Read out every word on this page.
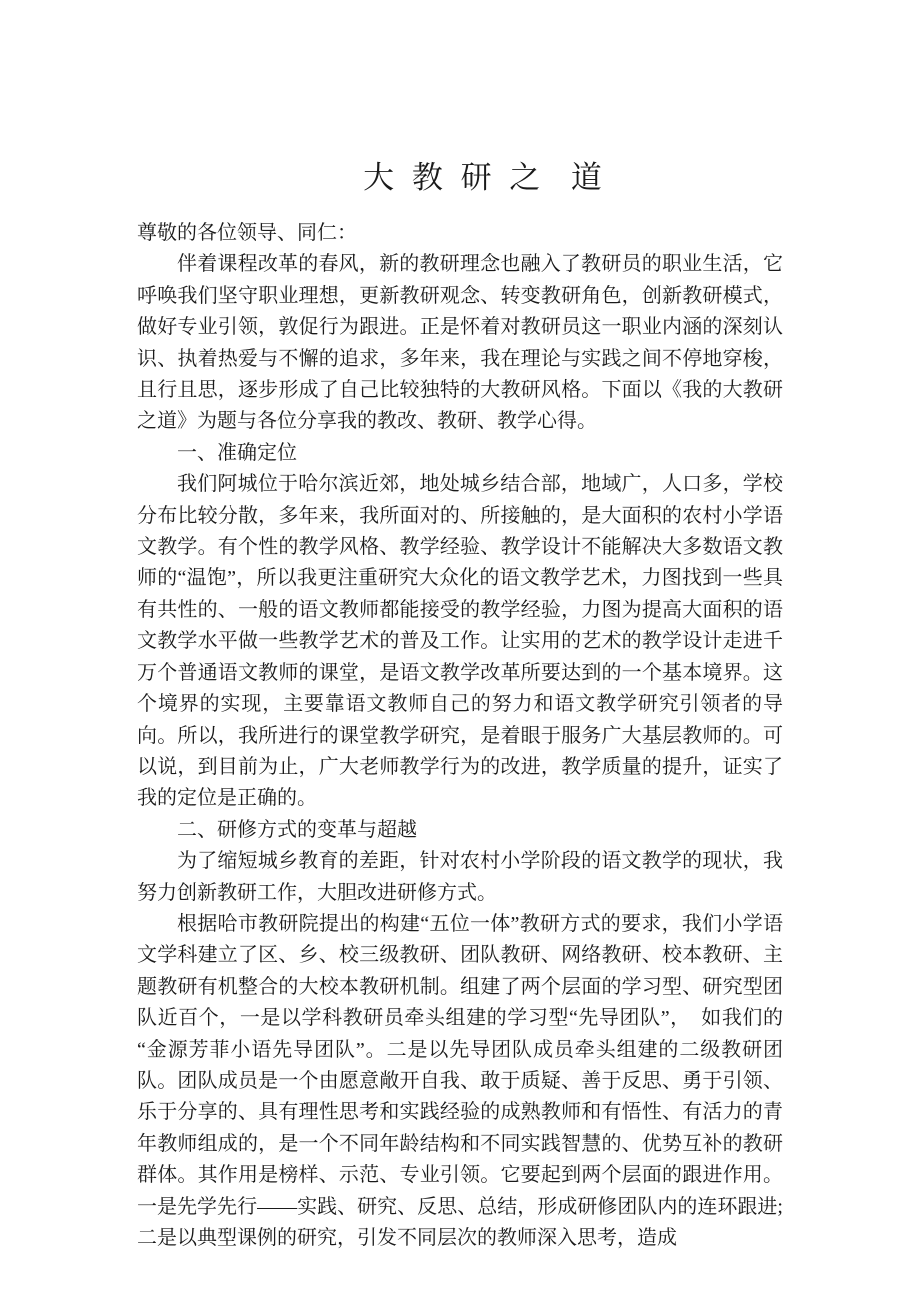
大 教 研 之  道

尊敬的各位领导、同仁：

伴着课程改革的春风，新的教研理念也融入了教研员的职业生活，它呼唤我们坚守职业理想，更新教研观念、转变教研角色，创新教研模式，做好专业引领，敦促行为跟进。正是怀着对教研员这一职业内涵的深刻认识、执着热爱与不懈的追求，多年来，我在理论与实践之间不停地穿梭，且行且思，逐步形成了自己比较独特的大教研风格。下面以《我的大教研之道》为题与各位分享我的教改、教研、教学心得。

一、准确定位

我们阿城位于哈尔滨近郊，地处城乡结合部，地域广，人口多，学校分布比较分散，多年来，我所面对的、所接触的，是大面积的农村小学语文教学。有个性的教学风格、教学经验、教学设计不能解决大多数语文教师的“温饱”，所以我更注重研究大众化的语文教学艺术，力图找到一些具有共性的、一般的语文教师都能接受的教学经验，力图为提高大面积的语文教学水平做一些教学艺术的普及工作。让实用的艺术的教学设计走进千万个普通语文教师的课堂，是语文教学改革所要达到的一个基本境界。这个境界的实现，主要靠语文教师自己的努力和语文教学研究引领者的导向。所以，我所进行的课堂教学研究，是着眼于服务广大基层教师的。可以说，到目前为止，广大老师教学行为的改进，教学质量的提升，证实了我的定位是正确的。

二、研修方式的变革与超越

为了缩短城乡教育的差距，针对农村小学阶段的语文教学的现状，我努力创新教研工作，大胆改进研修方式。

根据哈市教研院提出的构建“五位一体”教研方式的要求，我们小学语文学科建立了区、乡、校三级教研、团队教研、网络教研、校本教研、主题教研有机整合的大校本教研机制。组建了两个层面的学习型、研究型团队近百个，一是以学科教研员牵头组建的学习型“先导团队”，　如我们的“金源芳菲小语先导团队”。二是以先导团队成员牵头组建的二级教研团队。团队成员是一个由愿意敞开自我、敢于质疑、善于反思、勇于引领、乐于分享的、具有理性思考和实践经验的成熟教师和有悟性、有活力的青年教师组成的，是一个不同年龄结构和不同实践智慧的、优势互补的教研群体。其作用是榜样、示范、专业引领。它要起到两个层面的跟进作用。一是先学先行——实践、研究、反思、总结，形成研修团队内的连环跟进; 二是以典型课例的研究，引发不同层次的教师深入思考，造成
